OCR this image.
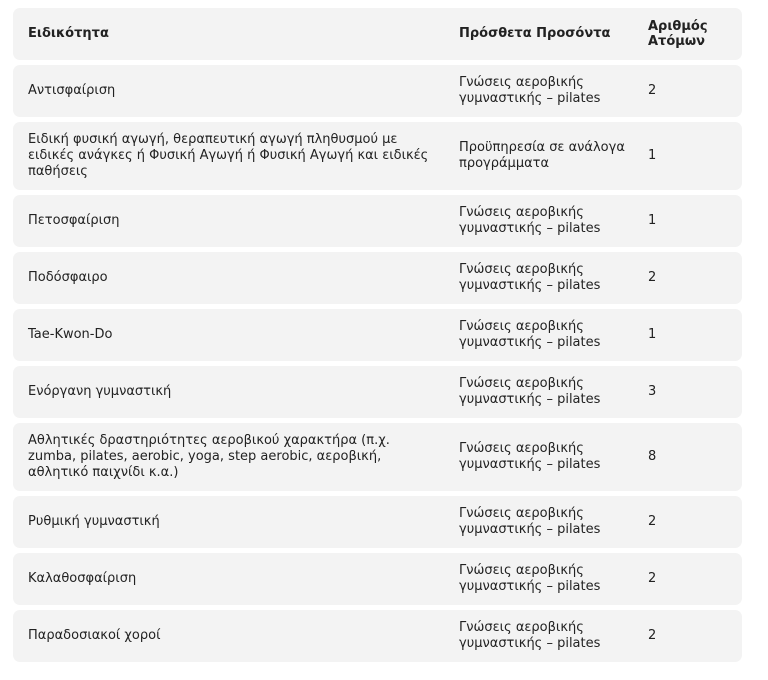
Ειδικότητα	Πρόσθετα Προσόντα	Αριθμός Ατόμων
Αντισφαίριση
Γνώσεις αεροβικής γυμναστικής – pilates
2
Ειδική φυσική αγωγή, θεραπευτική αγωγή πληθυσμού με ειδικές ανάγκες ή Φυσική Αγωγή ή Φυσική Αγωγή και ειδικές παθήσεις
Προϋπηρεσία σε ανάλογα προγράμματα
1
Πετοσφαίριση
Γνώσεις αεροβικής γυμναστικής – pilates
1
Ποδόσφαιρο
Γνώσεις αεροβικής γυμναστικής – pilates
2
Tae-Kwon-Do
Γνώσεις αεροβικής γυμναστικής – pilates
1
Ενόργανη γυμναστική
Γνώσεις αεροβικής γυμναστικής – pilates
3
Αθλητικές δραστηριότητες αεροβικού χαρακτήρα (π.χ. zumba, pilates, aerobic, yoga, step aerobic, αεροβική, αθλητικό παιχνίδι κ.α.)
Γνώσεις αεροβικής γυμναστικής – pilates
8
Ρυθμική γυμναστική
Γνώσεις αεροβικής γυμναστικής – pilates
2
Καλαθοσφαίριση
Γνώσεις αεροβικής γυμναστικής – pilates
2
Παραδοσιακοί χοροί
Γνώσεις αεροβικής γυμναστικής – pilates
2
